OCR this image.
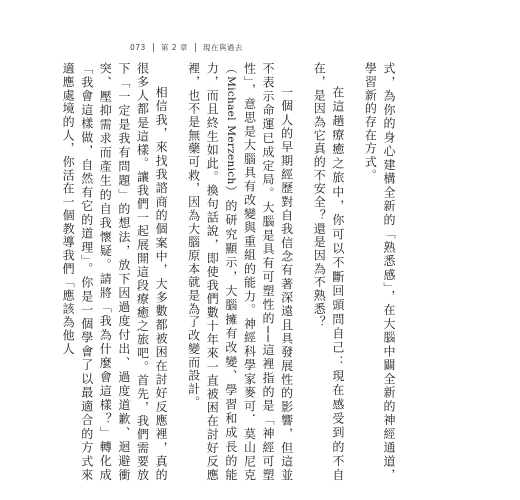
073 第 2 章 現在與過去

式，為你的身心建構全新的「熟悉感」，在大腦中闢全新的神經通道，學習新的存在方式。

在這趟療癒之旅中，你可以不斷回頭問自己：現在感受到的不自在，是因為它真的不安全？還是因為不熟悉？

一個人的早期經歷對自我信念有著深遠且具發展性的影響，但這並不表示命運已成定局。大腦是具有可塑性的──這裡指的是「神經可塑性」，意思是大腦具有改變與重組的能力。神經科學家麥可．莫山尼克（Michael Merzenich）的研究顯示，大腦擁有改變、學習和成長的能力，而且終生如此。換句話說，即使我們數十年來一直被困在討好反應裡，也不是無藥可救，因為大腦原本就是為了改變而設計。

相信我，來找我諮商的個案中，大多數都被困在討好反應裡，真的很多人都是這樣。讓我們一起展開這段療癒之旅吧。首先，我們需要放下「一定是我有問題」的想法，放下因過度付出、過度道歉、迴避衝突、壓抑需求而產生的自我懷疑。請將「我為什麼會這樣？」轉化成「我會這樣做，自然有它的道理」。你是一個學會了以最適合的方式來適應處境的人，你活在一個教導我們「應該為他人
